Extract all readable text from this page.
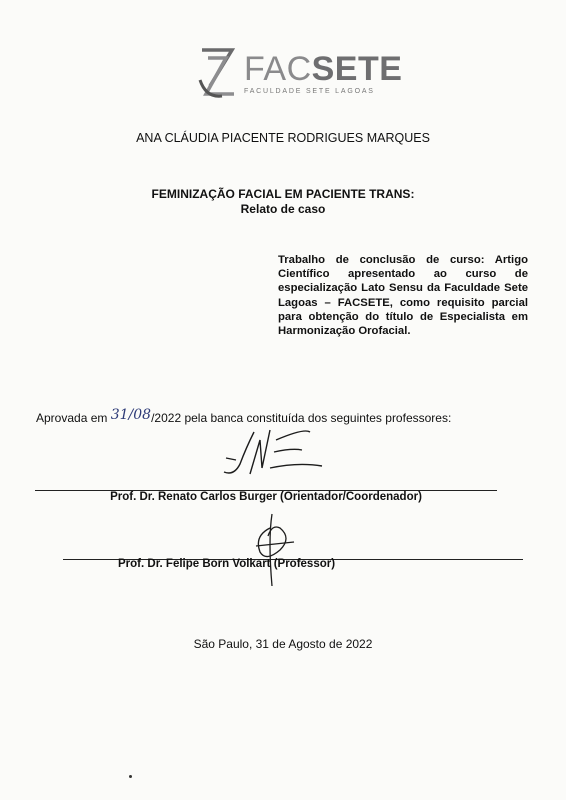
FACSETE
FACULDADE SETE LAGOAS
ANA CLÁUDIA PIACENTE RODRIGUES MARQUES
FEMINIZAÇÃO FACIAL EM PACIENTE TRANS:
Relato de caso
Trabalho de conclusão de curso: Artigo Científico apresentado ao curso de especialização Lato Sensu da Faculdade Sete Lagoas – FACSETE, como requisito parcial para obtenção do título de Especialista em Harmonização Orofacial.
Aprovada em 31/08/2022 pela banca constituída dos seguintes professores:
Prof. Dr. Renato Carlos Burger (Orientador/Coordenador)
Prof. Dr. Felipe Born Volkart (Professor)
São Paulo, 31 de Agosto de 2022
